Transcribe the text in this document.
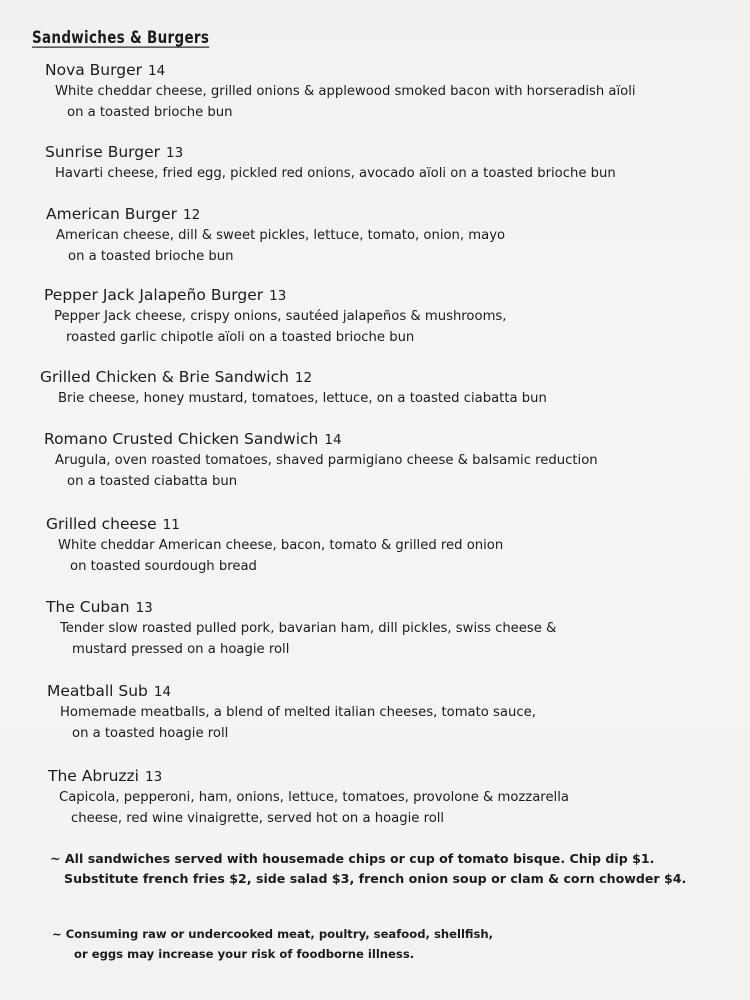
Sandwiches & Burgers
Nova Burger 14
White cheddar cheese, grilled onions & applewood smoked bacon with horseradish aïoli
on a toasted brioche bun
Sunrise Burger 13
Havarti cheese, fried egg, pickled red onions, avocado aïoli on a toasted brioche bun
American Burger 12
American cheese, dill & sweet pickles, lettuce, tomato, onion, mayo
on a toasted brioche bun
Pepper Jack Jalapeño Burger 13
Pepper Jack cheese, crispy onions, sautéed jalapeños & mushrooms,
roasted garlic chipotle aïoli on a toasted brioche bun
Grilled Chicken & Brie Sandwich 12
Brie cheese, honey mustard, tomatoes, lettuce, on a toasted ciabatta bun
Romano Crusted Chicken Sandwich 14
Arugula, oven roasted tomatoes, shaved parmigiano cheese & balsamic reduction
on a toasted ciabatta bun
Grilled cheese 11
White cheddar American cheese, bacon, tomato & grilled red onion
on toasted sourdough bread
The Cuban 13
Tender slow roasted pulled pork, bavarian ham, dill pickles, swiss cheese &
mustard pressed on a hoagie roll
Meatball Sub 14
Homemade meatballs, a blend of melted italian cheeses, tomato sauce,
on a toasted hoagie roll
The Abruzzi 13
Capicola, pepperoni, ham, onions, lettuce, tomatoes, provolone & mozzarella
cheese, red wine vinaigrette, served hot on a hoagie roll
~ All sandwiches served with housemade chips or cup of tomato bisque. Chip dip $1.
Substitute french fries $2, side salad $3, french onion soup or clam & corn chowder $4.
~ Consuming raw or undercooked meat, poultry, seafood, shellfish,
or eggs may increase your risk of foodborne illness.
